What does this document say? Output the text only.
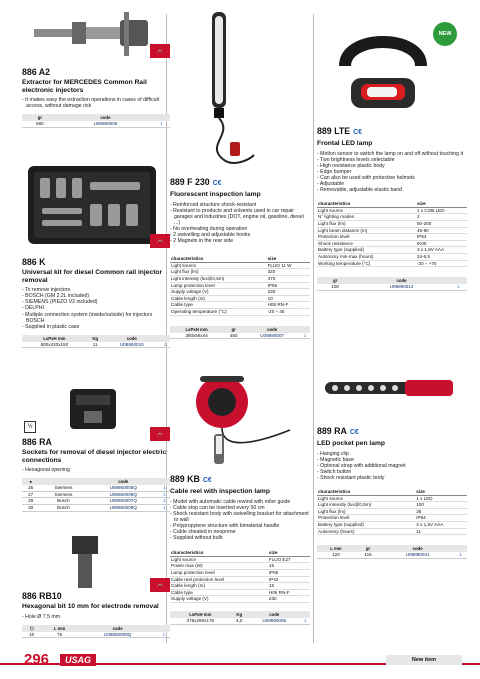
🚗
886 A2
Extractor for MERCEDES Common Rail electronic injectors
- It makes easy the extraction operations in cases of difficult access, without damage risk
gr	code	
560	U08860005	1
🚗
886 K
Universal kit for diesel Common rail injector removal
- To remove injectors
- BOSCH (GM 2.2L included)
- SIEMENS (PIEZO V2 included)
- DELPHI
- Multiple connection system (inside/outside) for injectors BOSCH
- Supplied in plastic case
LxPxH mm	Kg	code	
600x420x150	11	U08860010	1
½
🚗
886 RA
Sockets for removal of diesel injector electric connections
- Hexagonal opening
●		code	
25	Siemens	U08860005Q	1
27	Siemens	U08860006Q	1
29	Bosch	U08860007Q	1
30	Bosch	U08860008Q	1
🚗
886 RB10
Hexagonal bit 10 mm for electrode removal
- Hole Ø 7,5 mm
⬡	L mm	code	
10	75	U08860009Q	1
889 F 230 C€
Fluorescent inspection lamp
- Reinforced structure shock-resistant
- Resistant to products and solvents used in car repair garages and industries (DOT, engine oil, gasoline, diesel ...)
- No overheating during operation
- 2 swivelling and adjustable hooks
- 2 Magnets in the rear side
characteristics	size
Light source	FLUO 11 W
Light flux (lm)	320
Light intensity (lux@0,5m)	470
Lamp protection level	IP55
Supply voltage (V)	230
Cable length (m)	10
Cable type	H05 RN-F
Operating temperature (°C)	-20 ÷ 40
LxPxH mm	gr	code	
380x58x44	450	U08890007	1
889 KB C€
Cable reel with inspection lamp
- Model with automatic cable rewind with roller guide
- Cable stop can be inserted every 50 cm
- Shock resistant body with swivelling bracket for attachment to wall
- Polypropylene structure with bimaterial handle
- Cable sheated in neoprene
- Supplied without bulb
characteristics	size
Light source	FLUO E27
Power max (W)	15
Lamp protection level	IP65
Cable reel protection level	IP42
Cable length (m)	15
Cable type	H05 RN-F
Supply voltage (V)	230
LxPxH mm	Kg	code	
375x290x175	4,0	U08890005	1
NEW
889 LTE C€
Frontal LED lamp
- Motion sensor to switch the lamp on and off without touching it
- Two brightness levels selectable
- High resistance plastic body
- Edge bumper
- Can also be used with protective helmets
- Adjustable
- Removable, adjustable elastic band
characteristics	size
Light source	1 x COB LED
N° lighting modes	2
Light flux (lm)	50-200
Light beam distance (m)	45-90
Protection level	IP54
Shock resistance	IK05
Battery type (supplied)	3 x 1,5V AAA
Autonomy min-max (hours)	24-6,5
Working temperature (°C)	-20 ÷ +70
gr	code	
100	U08890014	1
889 RA C€
LED pocket pen lamp
- Hanging clip
- Magnetic base
- Optional strap with additional magnet
- Switch button
- Shock resistant plastic body
characteristics	size
Light source	1 x LED
Light intensity (lux@0,5m)	100
Light flux (lm)	36
Protection level	IP54
Battery type (supplied)	3 x 1,5V AAA
Autonomy (hours)	11
L mm	gr	code	
120	115	U08890031	1
296	USAG	New item
